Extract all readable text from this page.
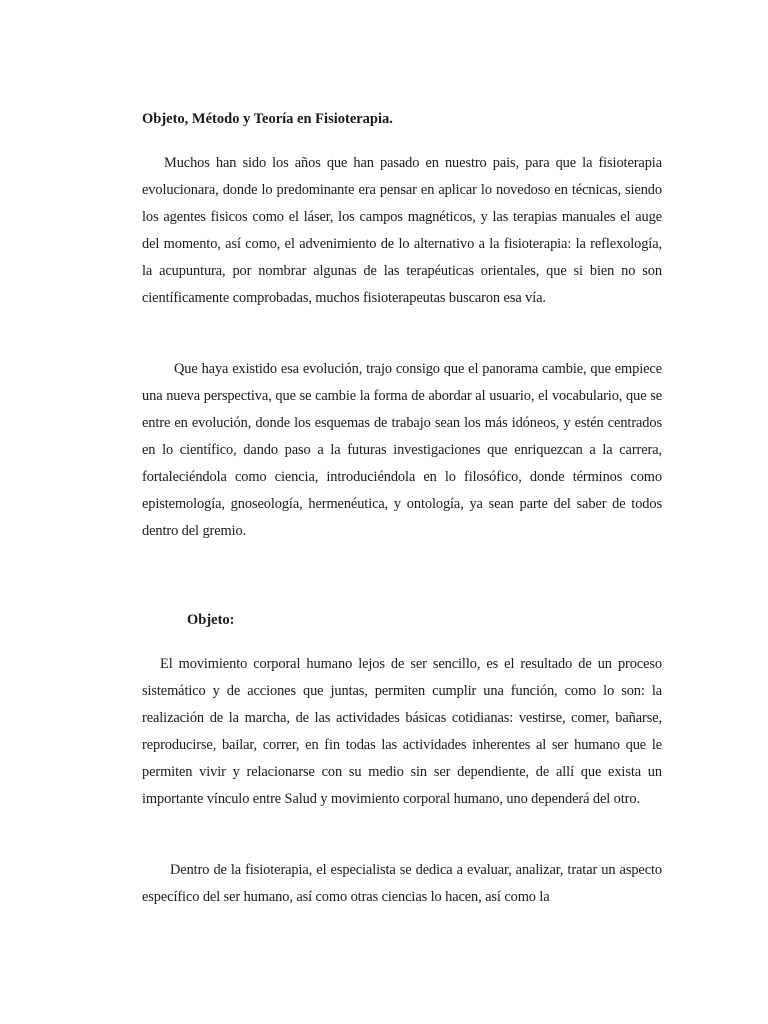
Objeto, Método y Teoría en Fisioterapia.

Muchos han sido los años que han pasado en nuestro pais, para que la fisioterapia evolucionara, donde lo predominante era pensar en aplicar lo novedoso en técnicas, siendo los agentes fisicos como el láser, los campos magnéticos, y las terapias manuales el auge del momento, así como, el advenimiento de lo alternativo a la fisioterapia: la reflexología, la acupuntura, por nombrar algunas de las terapéuticas orientales, que si bien no son científicamente comprobadas, muchos fisioterapeutas buscaron esa vía.

Que haya existido esa evolución, trajo consigo que el panorama cambie, que empiece una nueva perspectiva, que se cambie la forma de abordar al usuario, el vocabulario, que se entre en evolución, donde los esquemas de trabajo sean los más idóneos, y estén centrados en lo científico, dando paso a la futuras investigaciones que enriquezcan a la carrera, fortaleciéndola como ciencia, introduciéndola en lo filosófico, donde términos como epistemología, gnoseología, hermenéutica, y ontología, ya sean parte del saber de todos dentro del gremio.

Objeto:

El movimiento corporal humano lejos de ser sencillo, es el resultado de un proceso sistemático y de acciones que juntas, permiten cumplir una función, como lo son: la realización de la marcha, de las actividades básicas cotidianas: vestirse, comer, bañarse, reproducirse, bailar, correr, en fin todas las actividades inherentes al ser humano que le permiten vivir y relacionarse con su medio sin ser dependiente, de allí que exista un importante vínculo entre Salud y movimiento corporal humano, uno dependerá del otro.

Dentro de la fisioterapia, el especialista se dedica a evaluar, analizar, tratar un aspecto específico del ser humano, así como otras ciencias lo hacen, así como la
